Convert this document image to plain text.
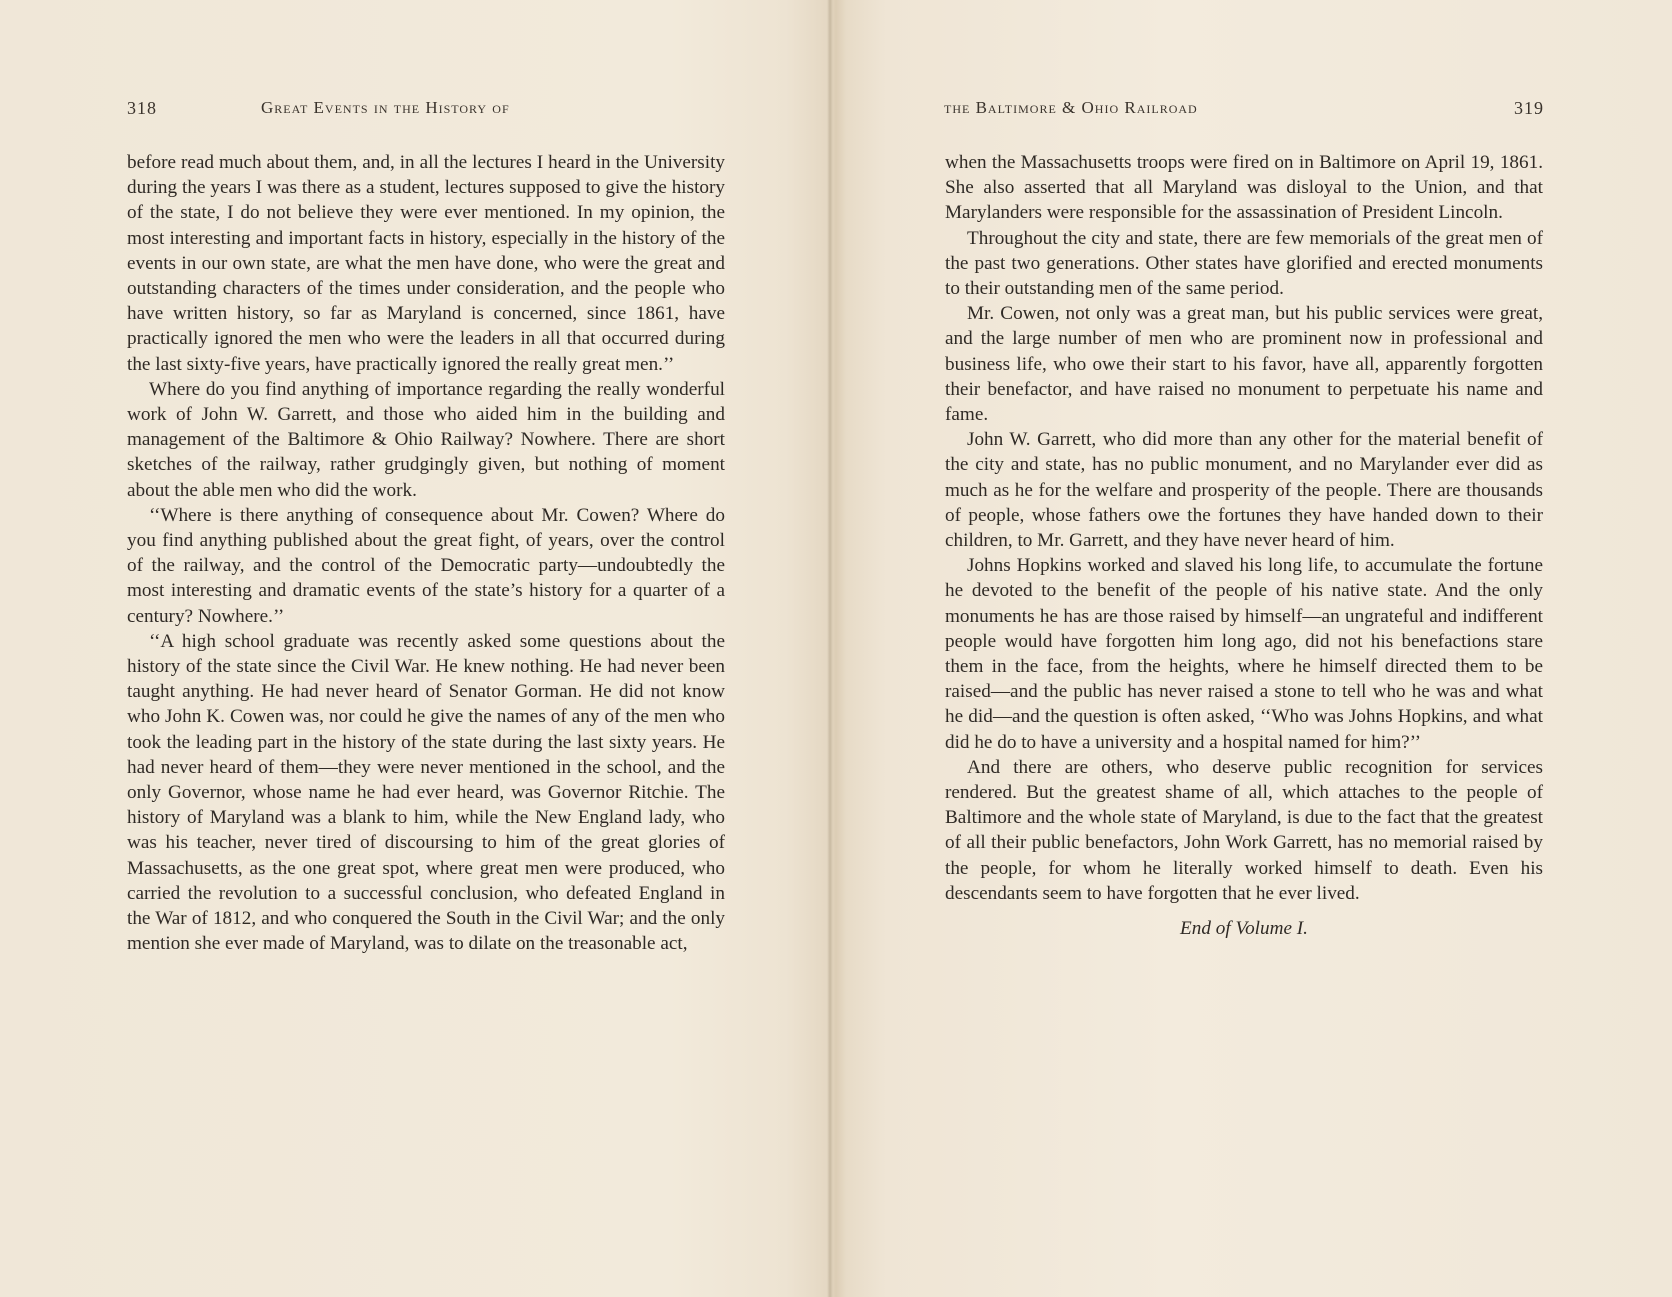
318	Great Events in the History of

before read much about them, and, in all the lectures I heard in the University during the years I was there as a student, lectures supposed to give the history of the state, I do not believe they were ever mentioned. In my opinion, the most interesting and important facts in history, especially in the history of the events in our own state, are what the men have done, who were the great and outstanding characters of the times under consideration, and the people who have written history, so far as Maryland is concerned, since 1861, have practically ignored the men who were the leaders in all that occurred during the last sixty-five years, have practically ignored the really great men.’’

Where do you find anything of importance regarding the really wonderful work of John W. Garrett, and those who aided him in the building and management of the Baltimore & Ohio Railway? Nowhere. There are short sketches of the railway, rather grudgingly given, but nothing of moment about the able men who did the work.

‘‘Where is there anything of consequence about Mr. Cowen? Where do you find anything published about the great fight, of years, over the control of the railway, and the control of the Democratic party—undoubtedly the most interesting and dramatic events of the state’s history for a quarter of a century? Nowhere.’’

‘‘A high school graduate was recently asked some questions about the history of the state since the Civil War. He knew nothing. He had never been taught anything. He had never heard of Senator Gorman. He did not know who John K. Cowen was, nor could he give the names of any of the men who took the leading part in the history of the state during the last sixty years. He had never heard of them—they were never mentioned in the school, and the only Governor, whose name he had ever heard, was Governor Ritchie. The history of Maryland was a blank to him, while the New England lady, who was his teacher, never tired of discoursing to him of the great glories of Massachusetts, as the one great spot, where great men were produced, who carried the revolution to a successful conclusion, who defeated England in the War of 1812, and who conquered the South in the Civil War; and the only mention she ever made of Maryland, was to dilate on the treasonable act,

the Baltimore & Ohio Railroad	319

when the Massachusetts troops were fired on in Baltimore on April 19, 1861. She also asserted that all Maryland was disloyal to the Union, and that Marylanders were responsible for the assassination of President Lincoln.

Throughout the city and state, there are few memorials of the great men of the past two generations. Other states have glorified and erected monuments to their outstanding men of the same period.

Mr. Cowen, not only was a great man, but his public services were great, and the large number of men who are prominent now in professional and business life, who owe their start to his favor, have all, apparently forgotten their benefactor, and have raised no monument to perpetuate his name and fame.

John W. Garrett, who did more than any other for the material benefit of the city and state, has no public monument, and no Marylander ever did as much as he for the welfare and prosperity of the people. There are thousands of people, whose fathers owe the fortunes they have handed down to their children, to Mr. Garrett, and they have never heard of him.

Johns Hopkins worked and slaved his long life, to accumulate the fortune he devoted to the benefit of the people of his native state. And the only monuments he has are those raised by himself—an ungrateful and indifferent people would have forgotten him long ago, did not his benefactions stare them in the face, from the heights, where he himself directed them to be raised—and the public has never raised a stone to tell who he was and what he did—and the question is often asked, ‘‘Who was Johns Hopkins, and what did he do to have a university and a hospital named for him?’’

And there are others, who deserve public recognition for services rendered. But the greatest shame of all, which attaches to the people of Baltimore and the whole state of Maryland, is due to the fact that the greatest of all their public benefactors, John Work Garrett, has no memorial raised by the people, for whom he literally worked himself to death. Even his descendants seem to have forgotten that he ever lived.

End of Volume I.
